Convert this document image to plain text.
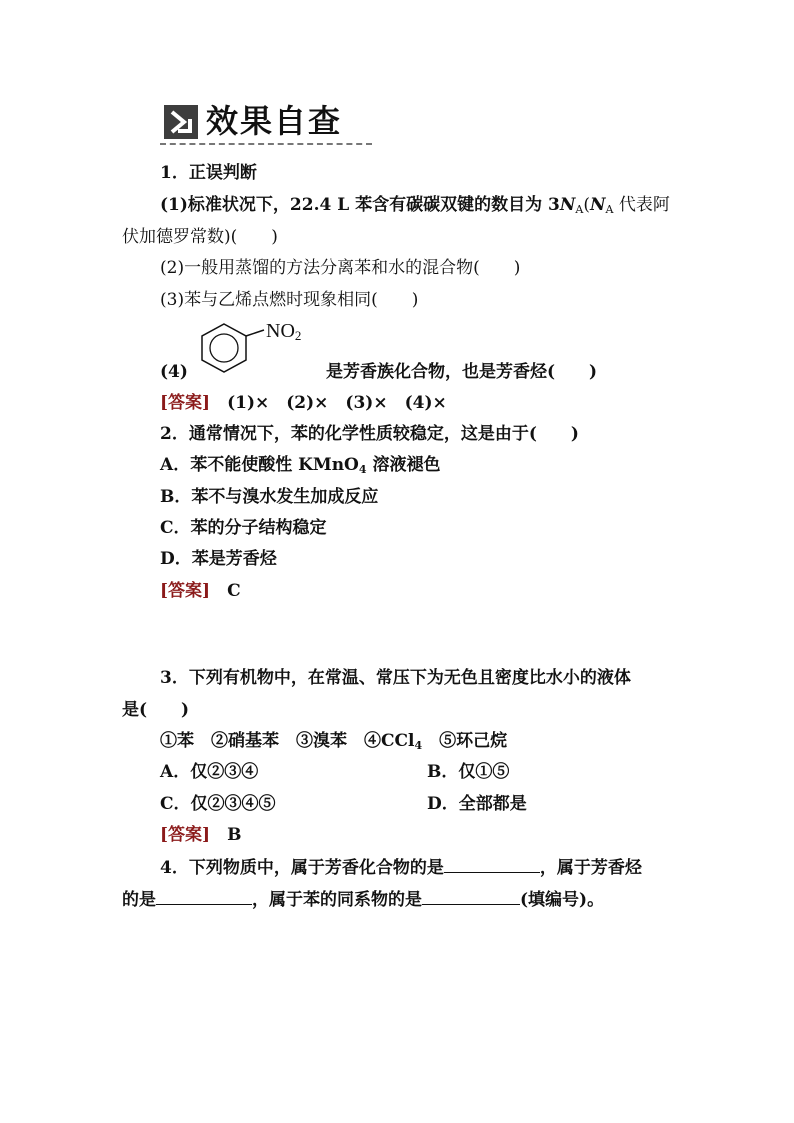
效果自查
1．正误判断
(1)标准状况下，22.4 L 苯含有碳碳双键的数目为 $3N_A(N_A$ 代表阿
伏加德罗常数)(　　)
(2)一般用蒸馏的方法分离苯和水的混合物(　　)
(3)苯与乙烯点燃时现象相同(　　)
$NO_2$
(4)	是芳香族化合物，也是芳香烃(　　)
[答案]　 (1)×　(2)×　(3)×　(4)×
2．通常情况下，苯的化学性质较稳定，这是由于(　　)
A．苯不能使酸性 KMnO$_4$ 溶液褪色
B．苯不与溴水发生加成反应
C．苯的分子结构稳定
D．苯是芳香烃
[答案]　 C
3．下列有机物中，在常温、常压下为无色且密度比水小的液体
是(　　)
①苯　②硝基苯　③溴苯　④CCl$_4$　⑤环己烷
A．仅②③④	B．仅①⑤
C．仅②③④⑤	D．全部都是
[答案]　 B
4．下列物质中，属于芳香化合物的是	，属于芳香烃
的是	，属于苯的同系物的是	(填编号)。
